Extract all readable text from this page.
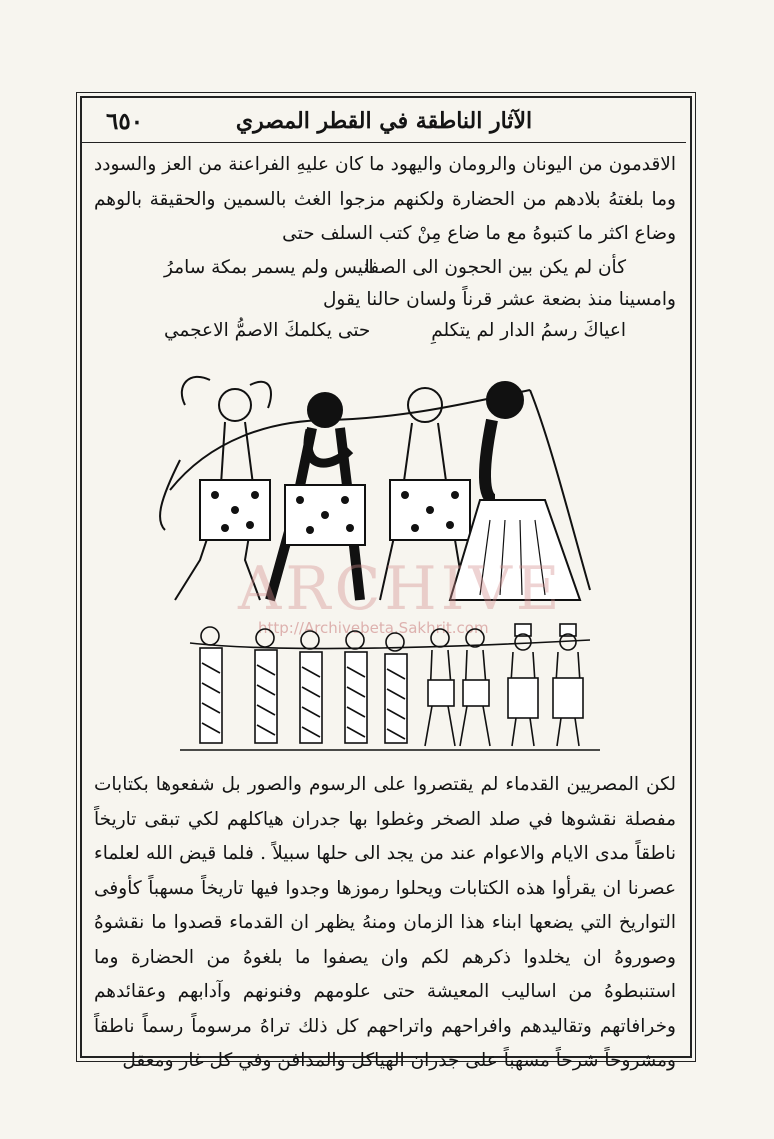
٦٥٠	الآثار الناطقة في القطر المصري

الاقدمون من اليونان والرومان واليهود ما كان عليهِ الفراعنة من العز والسودد وما بلغتهُ بلادهم من الحضارة ولكنهم مزجوا الغث بالسمين والحقيقة بالوهم وضاع اكثر ما كتبوهُ مع ما ضاع مِنْ كتب السلف حتى

كأن لم يكن بين الحجون الى الصفا
انيس ولم يسمر بمكة سامرُ

وامسينا منذ بضعة عشر قرناً ولسان حالنا يقول

اعياكَ رسمُ الدار لم يتكلمِ
حتى يكلمكَ الاصمُّ الاعجمي
ARCHIVE
http://Archivebeta.Sakhrit.com

لكن المصريين القدماء لم يقتصروا على الرسوم والصور بل شفعوها بكتابات مفصلة نقشوها في صلد الصخر وغطوا بها جدران هياكلهم لكي تبقى تاريخاً ناطقاً مدى الايام والاعوام عند من يجد الى حلها سبيلاً . فلما قيض الله لعلماء عصرنا ان يقرأوا هذه الكتابات ويحلوا رموزها وجدوا فيها تاريخاً مسهباً كأوفى التواريخ التي يضعها ابناء هذا الزمان ومنهُ يظهر ان القدماء قصدوا ما نقشوهُ وصوروهُ ان يخلدوا ذكرهم لكم وان يصفوا ما بلغوهُ من الحضارة وما استنبطوهُ من اساليب المعيشة حتى علومهم وفنونهم وآدابهم وعقائدهم وخرافاتهم وتقاليدهم وافراحهم واتراحهم كل ذلك تراهُ مرسوماً رسماً ناطقاً ومشروحاً شرحاً مسهباً على جدران الهياكل والمدافن وفي كل غار ومعقل
